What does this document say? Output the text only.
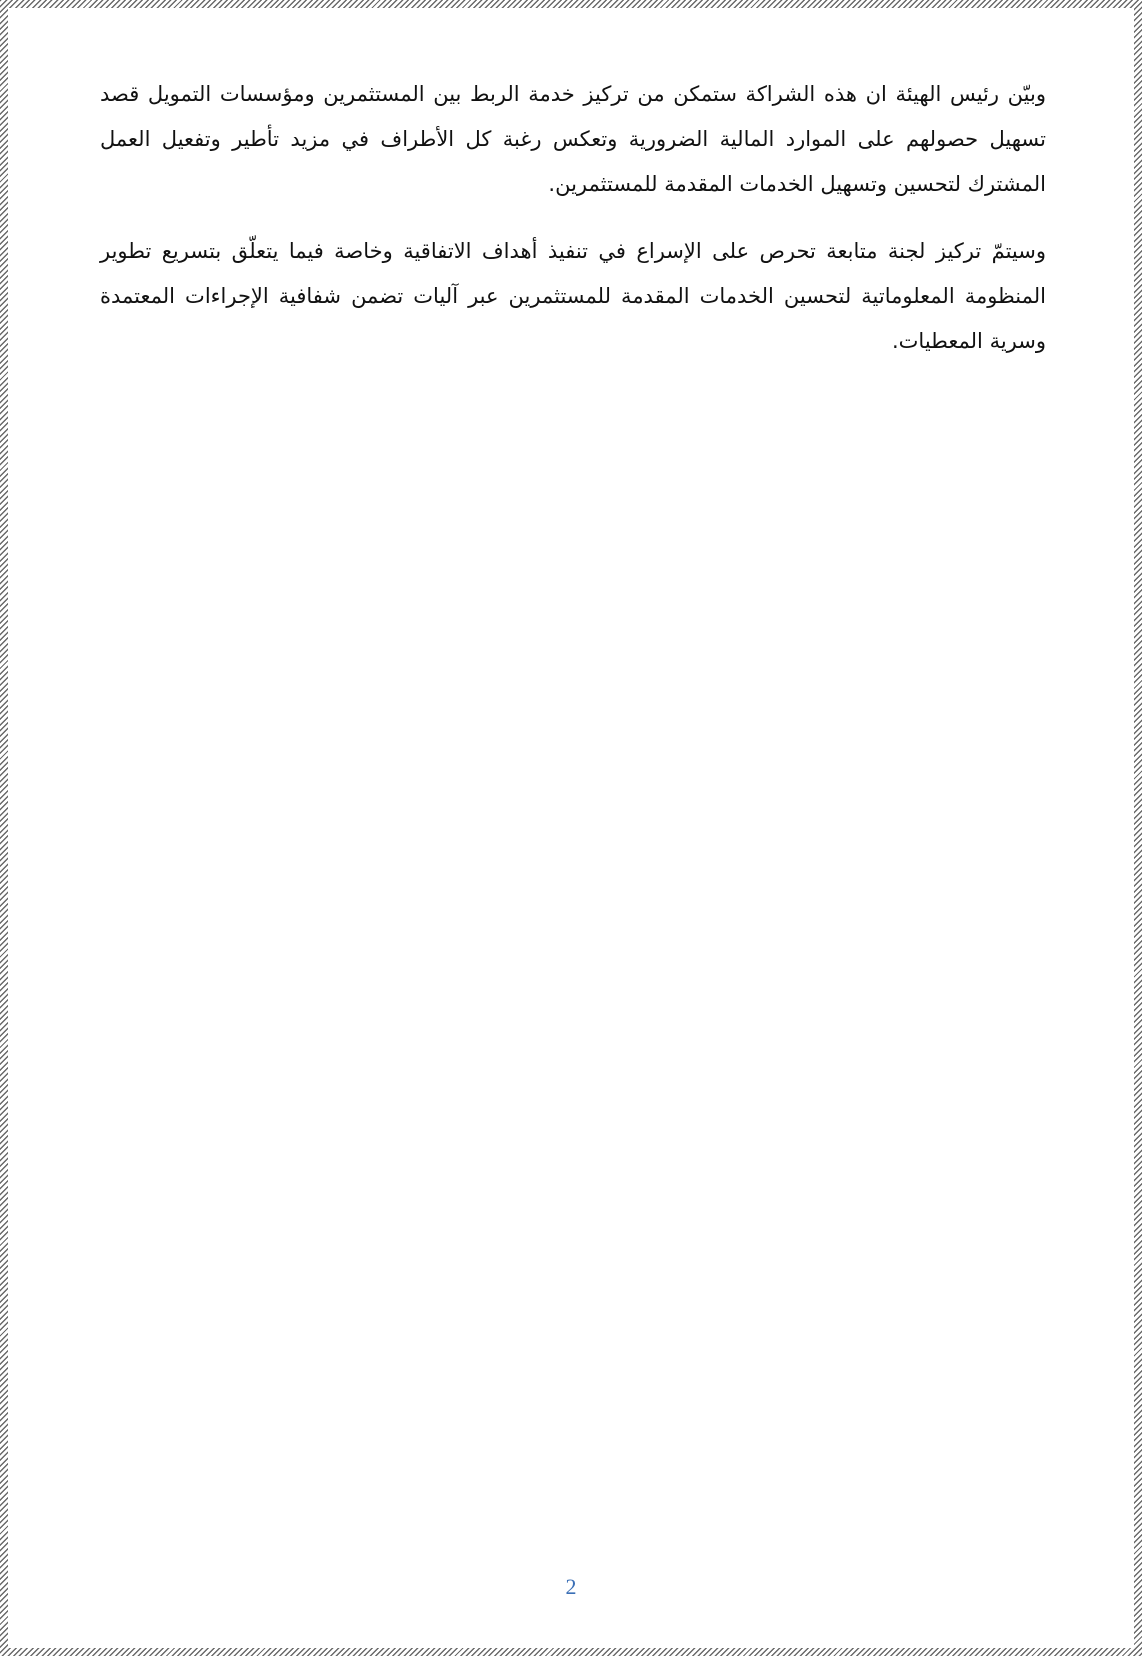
وبيّن رئيس الهيئة ان هذه الشراكة ستمكن من تركيز خدمة الربط بين المستثمرين ومؤسسات التمويل قصد تسهيل حصولهم على الموارد المالية الضرورية وتعكس رغبة كل الأطراف في مزيد تأطير وتفعيل العمل المشترك لتحسين وتسهيل الخدمات المقدمة للمستثمرين.

وسيتمّ تركيز لجنة متابعة تحرص على الإسراع في تنفيذ أهداف الاتفاقية وخاصة فيما يتعلّق بتسريع تطوير المنظومة المعلوماتية لتحسين الخدمات المقدمة للمستثمرين عبر آليات تضمن شفافية الإجراءات المعتمدة وسرية المعطيات.

2
